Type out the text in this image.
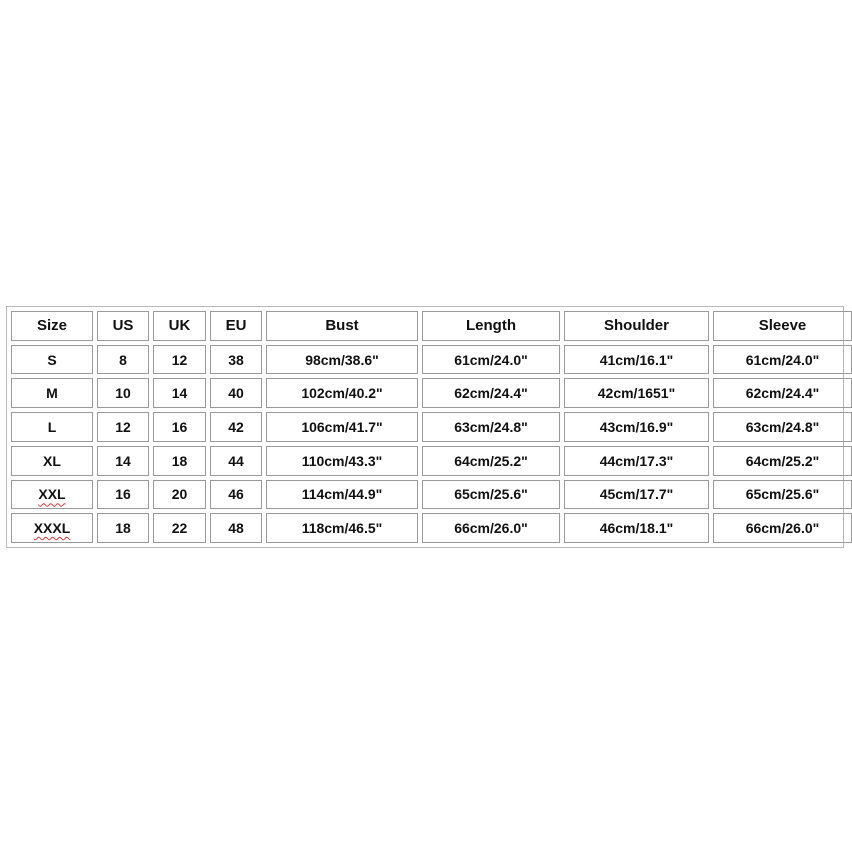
Size	US	UK	EU	Bust	Length	Shoulder	Sleeve
S	8	12	38	98cm/38.6"	61cm/24.0"	41cm/16.1"	61cm/24.0"
M	10	14	40	102cm/40.2"	62cm/24.4"	42cm/1651"	62cm/24.4"
L	12	16	42	106cm/41.7"	63cm/24.8"	43cm/16.9"	63cm/24.8"
XL	14	18	44	110cm/43.3"	64cm/25.2"	44cm/17.3"	64cm/25.2"
XXL	16	20	46	114cm/44.9"	65cm/25.6"	45cm/17.7"	65cm/25.6"
XXXL	18	22	48	118cm/46.5"	66cm/26.0"	46cm/18.1"	66cm/26.0"
